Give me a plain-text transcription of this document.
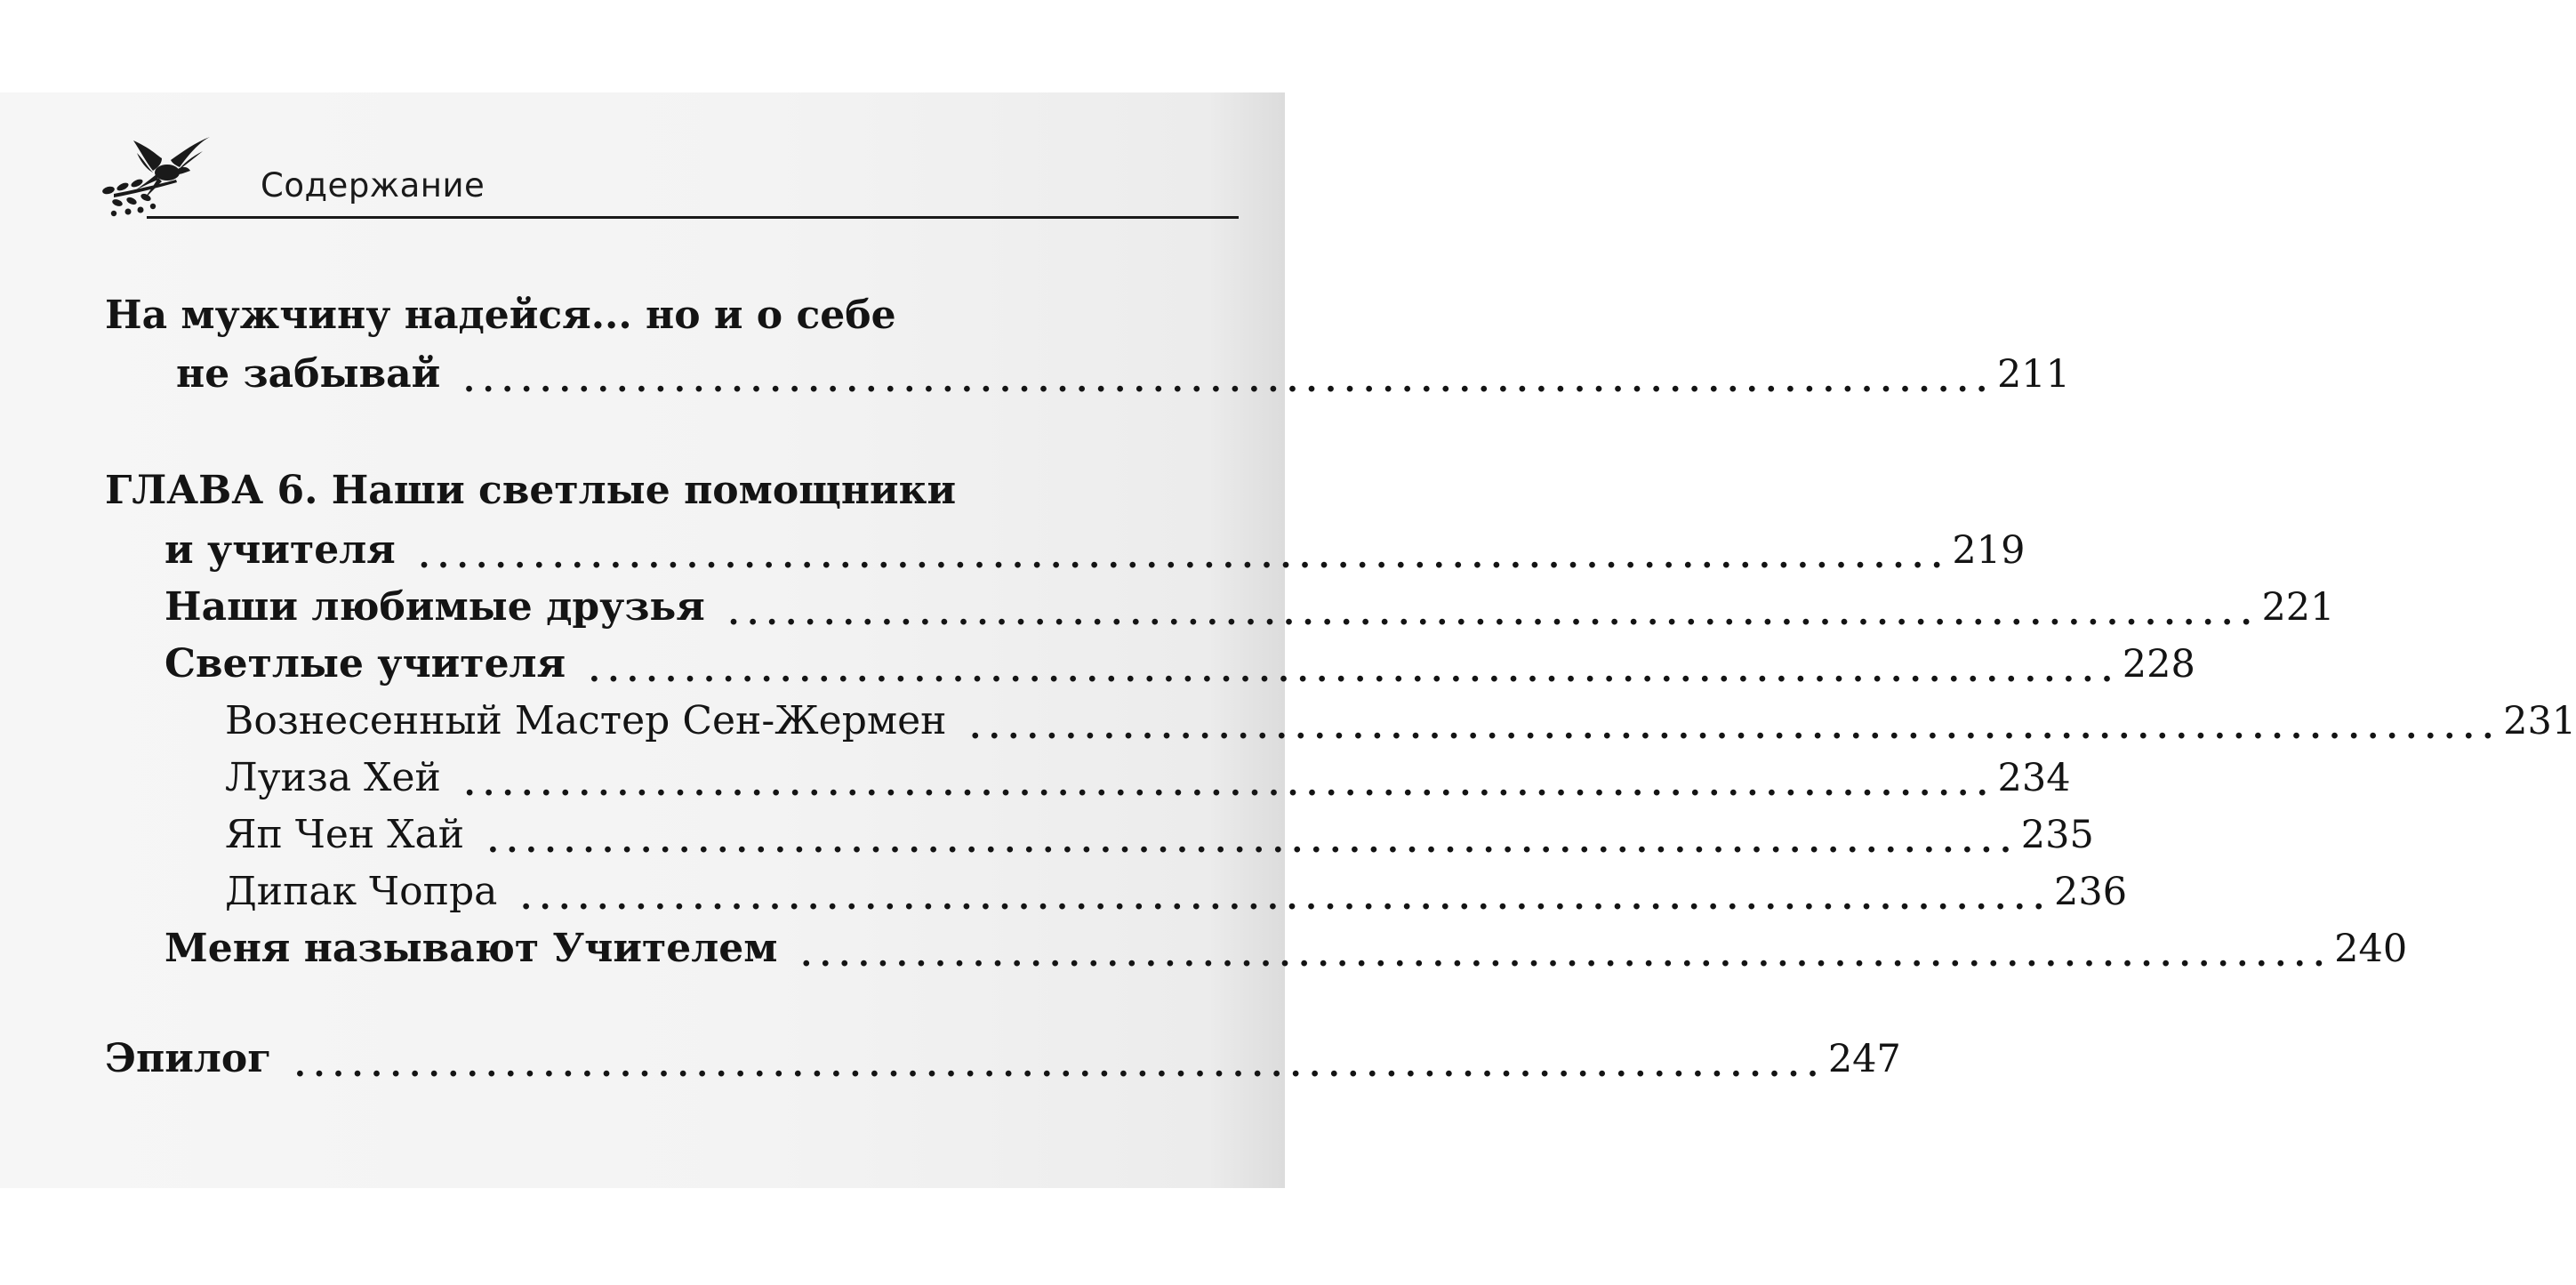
Содержание
На мужчину надейся... но и о себе
не забывай ................................................................................ 211
ГЛАВА 6. Наши светлые помощники
и учителя ................................................................................ 219
Наши любимые друзья ................................................................................ 221
Светлые учителя ................................................................................ 228
Вознесенный Мастер Сен-Жермен ................................................................................ 231
Луиза Хей ................................................................................ 234
Яп Чен Хай ................................................................................ 235
Дипак Чопра ................................................................................ 236
Меня называют Учителем ................................................................................ 240
Эпилог ................................................................................ 247
